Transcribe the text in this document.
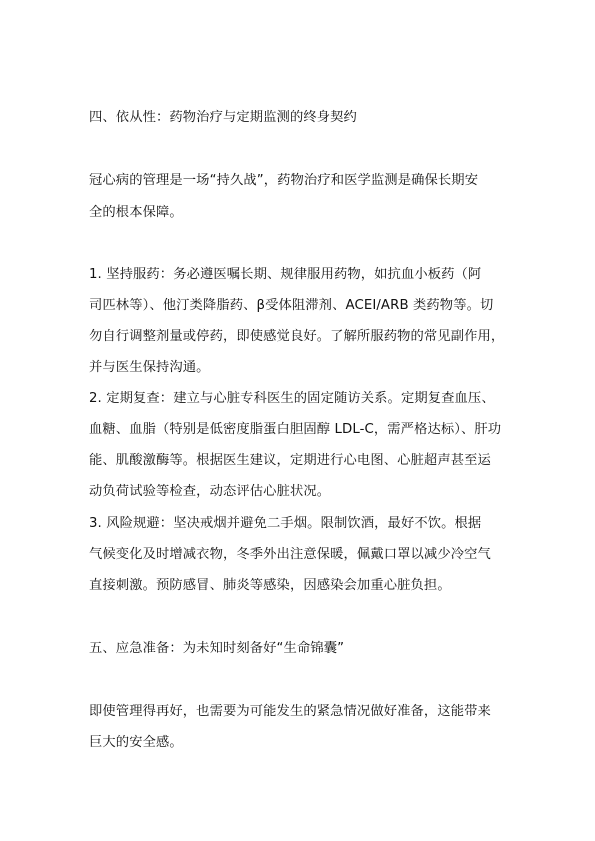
四、依从性：药物治疗与定期监测的终身契约
冠心病的管理是一场“持久战”，药物治疗和医学监测是确保长期安
全的根本保障。
1. 坚持服药：务必遵医嘱长期、规律服用药物，如抗血小板药（阿
司匹林等）、他汀类降脂药、β受体阻滞剂、ACEI/ARB 类药物等。切
勿自行调整剂量或停药，即使感觉良好。了解所服药物的常见副作用，
并与医生保持沟通。
2. 定期复查：建立与心脏专科医生的固定随访关系。定期复查血压、
血糖、血脂（特别是低密度脂蛋白胆固醇 LDL-C，需严格达标）、肝功
能、肌酸激酶等。根据医生建议，定期进行心电图、心脏超声甚至运
动负荷试验等检查，动态评估心脏状况。
3. 风险规避：坚决戒烟并避免二手烟。限制饮酒，最好不饮。根据
气候变化及时增减衣物，冬季外出注意保暖，佩戴口罩以减少冷空气
直接刺激。预防感冒、肺炎等感染，因感染会加重心脏负担。
五、应急准备：为未知时刻备好“生命锦囊”
即使管理得再好，也需要为可能发生的紧急情况做好准备，这能带来
巨大的安全感。
